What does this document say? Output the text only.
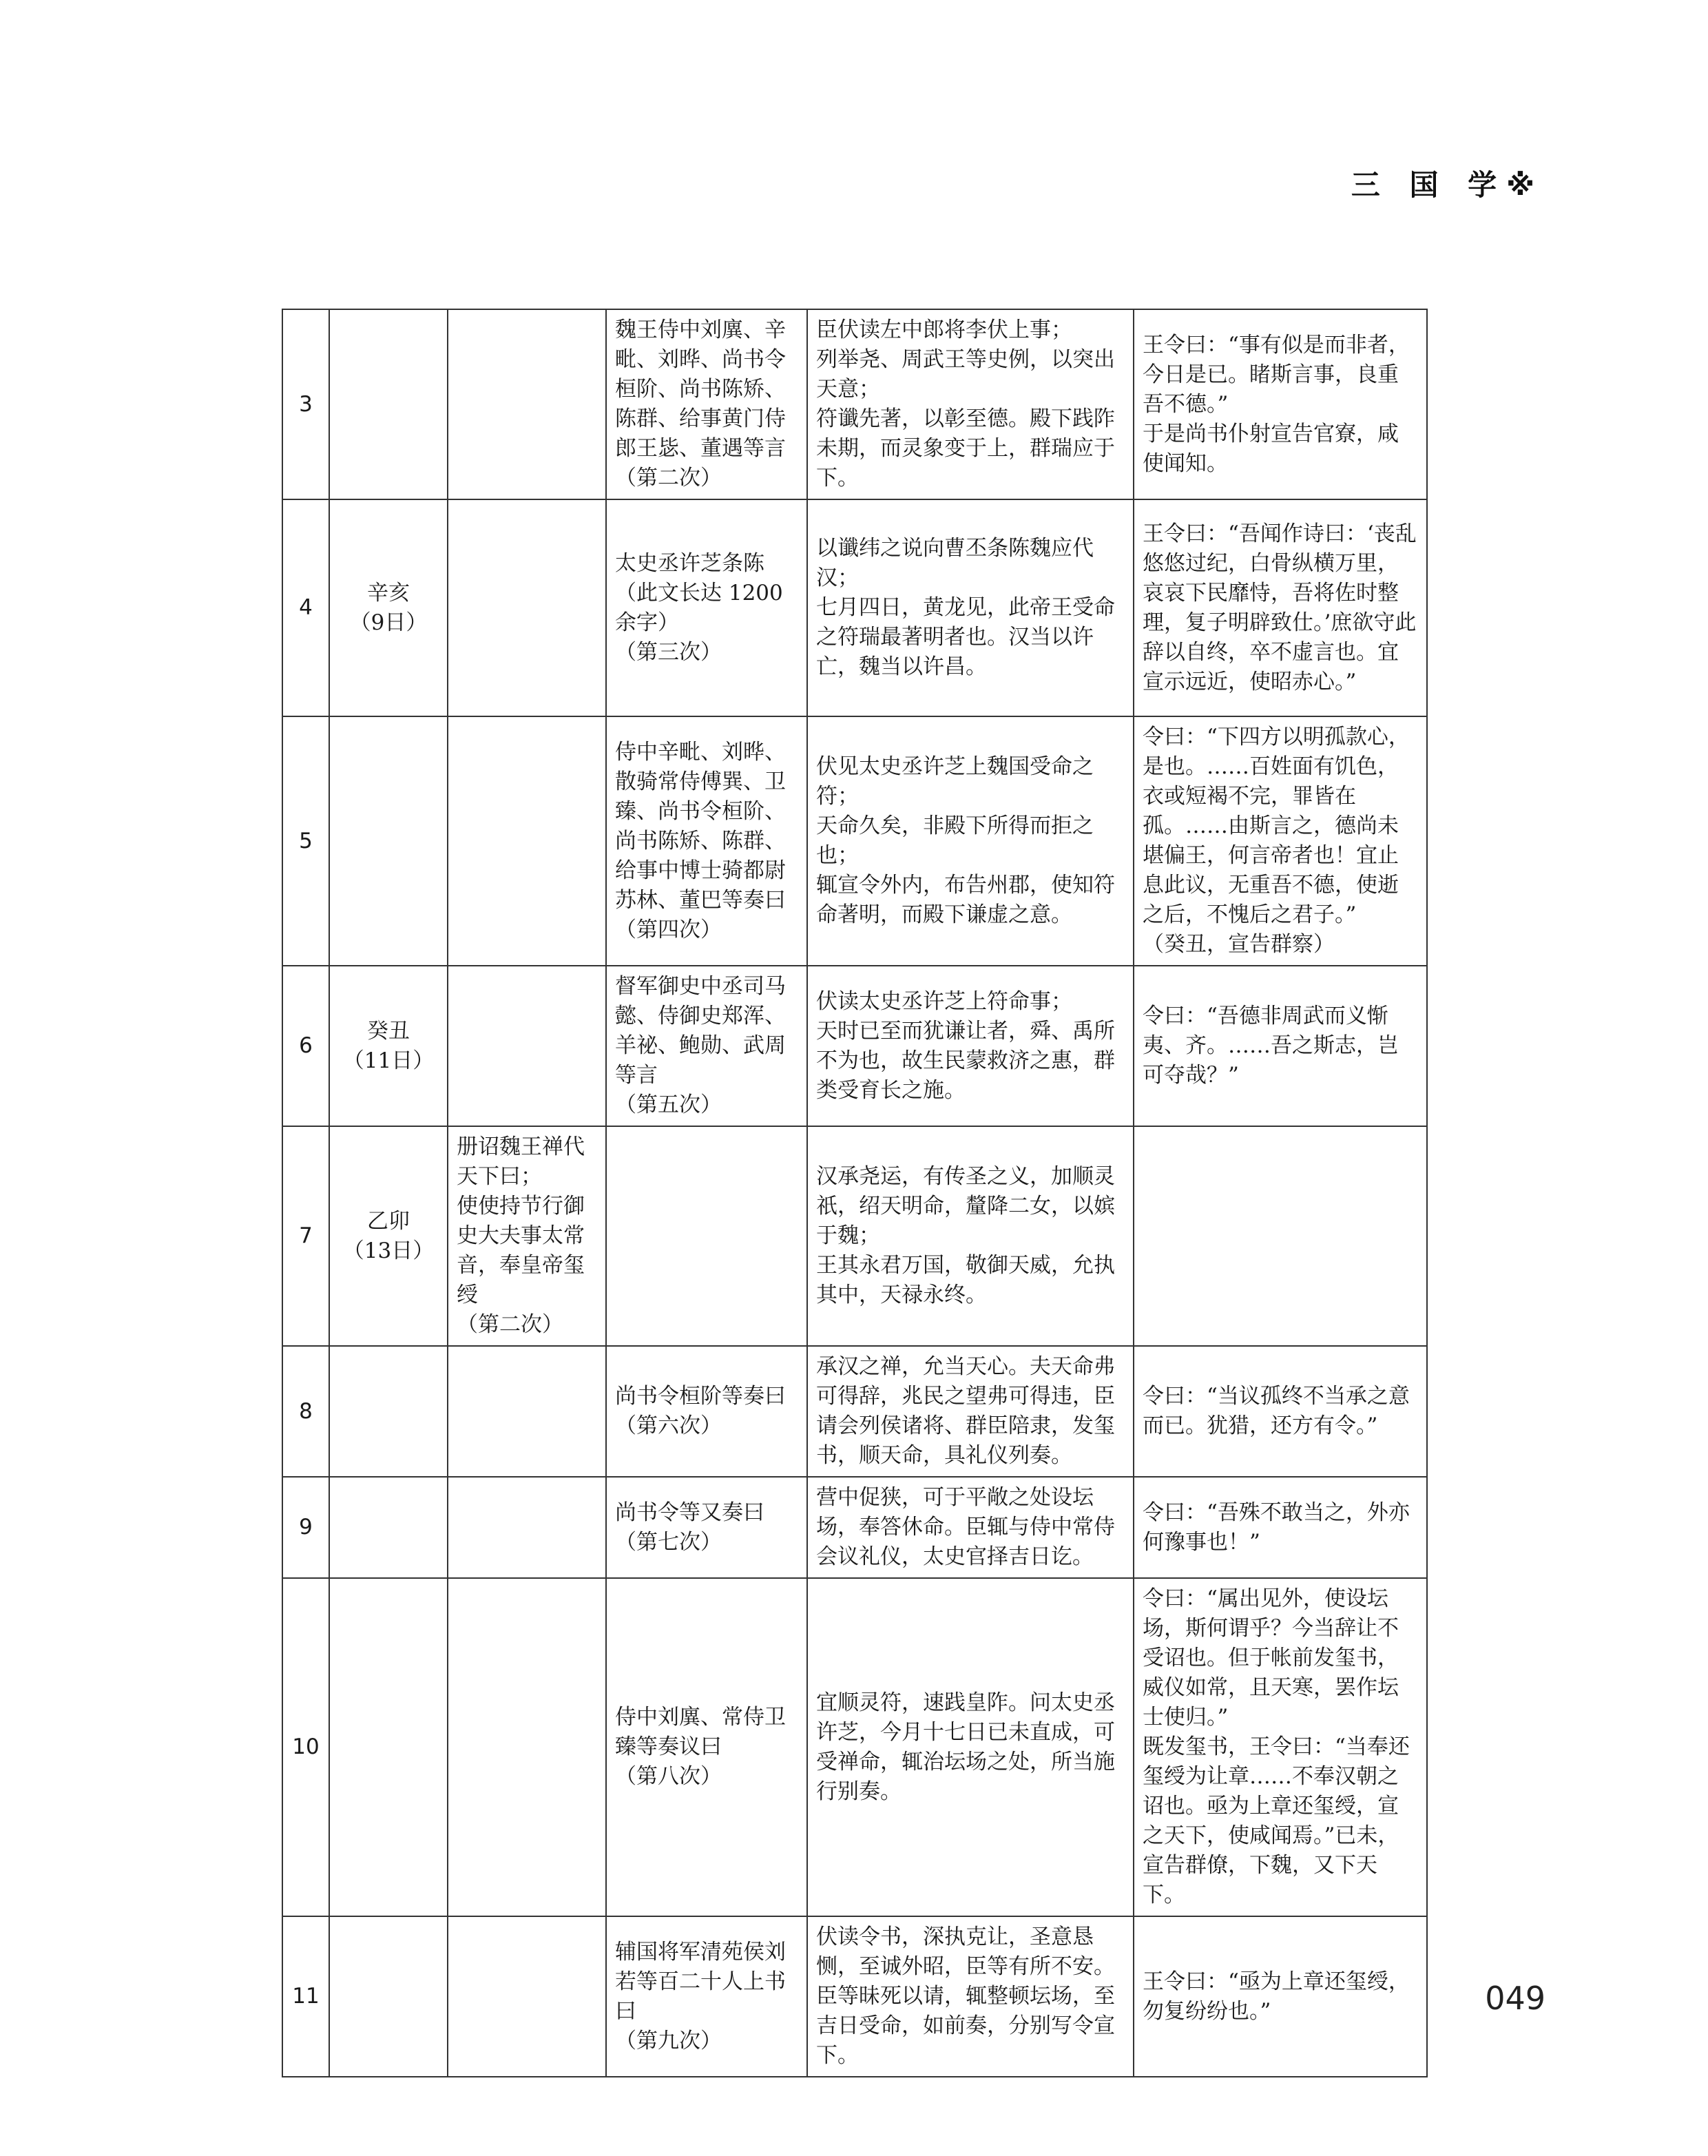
三 国 学※
3			魏王侍中刘廙、辛毗、刘晔、尚书令桓阶、尚书陈矫、陈群、给事黄门侍郎王毖、董遇等言
（第二次）	臣伏读左中郎将李伏上事；
列举尧、周武王等史例，以突出天意；
符谶先著，以彰至德。殿下践阼未期，而灵象变于上，群瑞应于下。	王令曰：“事有似是而非者，今日是已。睹斯言事，良重吾不德。”
于是尚书仆射宣告官寮，咸使闻知。

4	辛亥
（9日）		太史丞许芝条陈
（此文长达 1200 余字）
（第三次）	以谶纬之说向曹丕条陈魏应代汉；
七月四日，黄龙见，此帝王受命之符瑞最著明者也。汉当以许亡，魏当以许昌。	王令曰：“吾闻作诗曰：‘丧乱悠悠过纪，白骨纵横万里，哀哀下民靡恃，吾将佐时整理，复子明辟致仕。’庶欲守此辞以自终，卒不虚言也。宜宣示远近，使昭赤心。”

5			侍中辛毗、刘晔、散骑常侍傅巽、卫臻、尚书令桓阶、尚书陈矫、陈群、给事中博士骑都尉苏林、董巴等奏曰
（第四次）	伏见太史丞许芝上魏国受命之符；
天命久矣，非殿下所得而拒之也；
辄宣令外内，布告州郡，使知符命著明，而殿下谦虚之意。	令曰：“下四方以明孤款心，是也。……百姓面有饥色，衣或短褐不完，罪皆在孤。……由斯言之，德尚未堪偏王，何言帝者也！宜止息此议，无重吾不德，使逝之后，不愧后之君子。”
（癸丑，宣告群察）

6	癸丑
（11日）		督军御史中丞司马懿、侍御史郑浑、羊祕、鲍勋、武周等言
（第五次）	伏读太史丞许芝上符命事；
天时已至而犹谦让者，舜、禹所不为也，故生民蒙救济之惠，群类受育长之施。	令曰：“吾德非周武而义惭夷、齐。……吾之斯志，岂可夺哉？”

7	乙卯
（13日）	册诏魏王禅代天下曰；
使使持节行御史大夫事太常音，奉皇帝玺绶
（第二次）		汉承尧运，有传圣之义，加顺灵祇，绍天明命，釐降二女，以嫔于魏；
王其永君万国，敬御天威，允执其中，天禄永终。	

8			尚书令桓阶等奏曰
（第六次）	承汉之禅，允当天心。夫天命弗可得辞，兆民之望弗可得违，臣请会列侯诸将、群臣陪隶，发玺书，顺天命，具礼仪列奏。	令曰：“当议孤终不当承之意而已。犹猎，还方有令。”

9			尚书令等又奏曰
（第七次）	营中促狭，可于平敞之处设坛场，奉答休命。臣辄与侍中常侍会议礼仪，太史官择吉日讫。	令曰：“吾殊不敢当之，外亦何豫事也！”

10			侍中刘廙、常侍卫臻等奏议曰
（第八次）	宜顺灵符，速践皇阼。问太史丞许芝，今月十七日已未直成，可受禅命，辄治坛场之处，所当施行别奏。	令曰：“属出见外，使设坛场，斯何谓乎？今当辞让不受诏也。但于帐前发玺书，威仪如常，且天寒，罢作坛士使归。”
既发玺书，王令曰：“当奉还玺绶为让章……不奉汉朝之诏也。亟为上章还玺绶，宣之天下，使咸闻焉。”已未，宣告群僚，下魏，又下天下。

11			辅国将军清苑侯刘若等百二十人上书曰
（第九次）	伏读令书，深执克让，圣意恳恻，至诚外昭，臣等有所不安。臣等昧死以请，辄整顿坛场，至吉日受命，如前奏，分别写令宣下。	王令曰：“亟为上章还玺绶，勿复纷纷也。”	049
